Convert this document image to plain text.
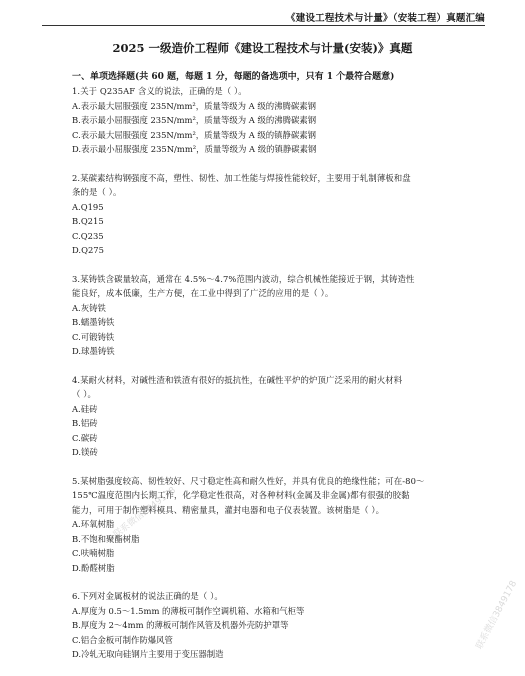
《建设工程技术与计量》（安装工程）真题汇编
2025 一级造价工程师《建设工程技术与计量(安装)》真题
一、单项选择题(共 60 题，每题 1 分，每题的备选项中，只有 1 个最符合题意)

1.关于 Q235AF 含义的说法，正确的是（ ）。

A.表示最大屈服强度 235N/mm²，质量等级为 A 级的沸腾碳素钢

B.表示最小屈服强度 235N/mm²，质量等级为 A 级的沸腾碳素钢

C.表示最大屈服强度 235N/mm²，质量等级为 A 级的镇静碳素钢

D.表示最小屈服强度 235N/mm²，质量等级为 A 级的镇静碳素钢

2.某碳素结构钢强度不高，塑性、韧性、加工性能与焊接性能较好，主要用于轧制薄板和盘

条的是（ ）。

A.Q195

B.Q215

C.Q235

D.Q275

3.某铸铁含碳量较高，通常在 4.5%～4.7%范围内波动，综合机械性能接近于钢，其铸造性

能良好，成本低廉，生产方便，在工业中得到了广泛的应用的是（ ）。

A.灰铸铁

B.蠕墨铸铁

C.可锻铸铁

D.球墨铸铁

4.某耐火材料，对碱性渣和铁渣有很好的抵抗性，在碱性平炉的炉顶广泛采用的耐火材料

（ ）。

A.硅砖

B.铝砖

C.碳砖

D.镁砖

5.某树脂强度较高、韧性较好、尺寸稳定性高和耐久性好，并具有优良的绝缘性能；可在-80～

155℃温度范围内长期工作，化学稳定性很高，对各种材料(金属及非金属)都有很强的胶黏

能力，可用于制作塑料模具、精密量具，灌封电器和电子仪表装置。该树脂是（ ）。

A.环氧树脂

B.不饱和聚酯树脂

C.呋喃树脂

D.酚醛树脂

6.下列对金属板材的说法正确的是（ ）。

A.厚度为 0.5～1.5mm 的薄板可制作空调机箱、水箱和气柜等

B.厚度为 2～4mm 的薄板可制作风管及机器外壳防护罩等

C.铝合金板可制作防爆风管

D.冷轧无取向硅钢片主要用于变压器制造

联系微信2849178
联系微信3849178
